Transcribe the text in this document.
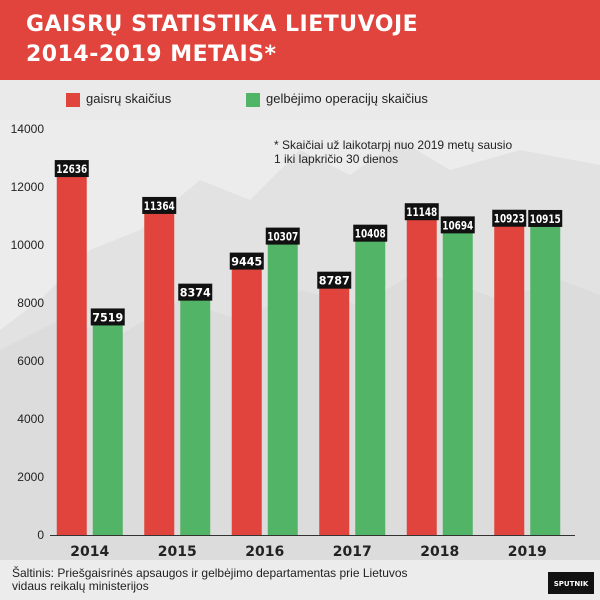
GAISRŲ STATISTIKA LIETUVOJE
2014-2019 METAIS*
gaisrų skaičius	gelbėjimo operacijų skaičius
0
2000
4000
6000
8000
10000
12000
14000
12636
7519
11364
8374
9445
10307
8787
10408
11148
10694 10923 10915
2014	2015	2016	2017	2018	2019
* Skaičiai už laikotarpį nuo 2019 metų sausio
1 iki lapkričio 30 dienos
Šaltinis: Priešgaisrinės apsaugos ir gelbėjimo departamentas prie Lietuvos
vidaus reikalų ministerijos	SPUTNIK
